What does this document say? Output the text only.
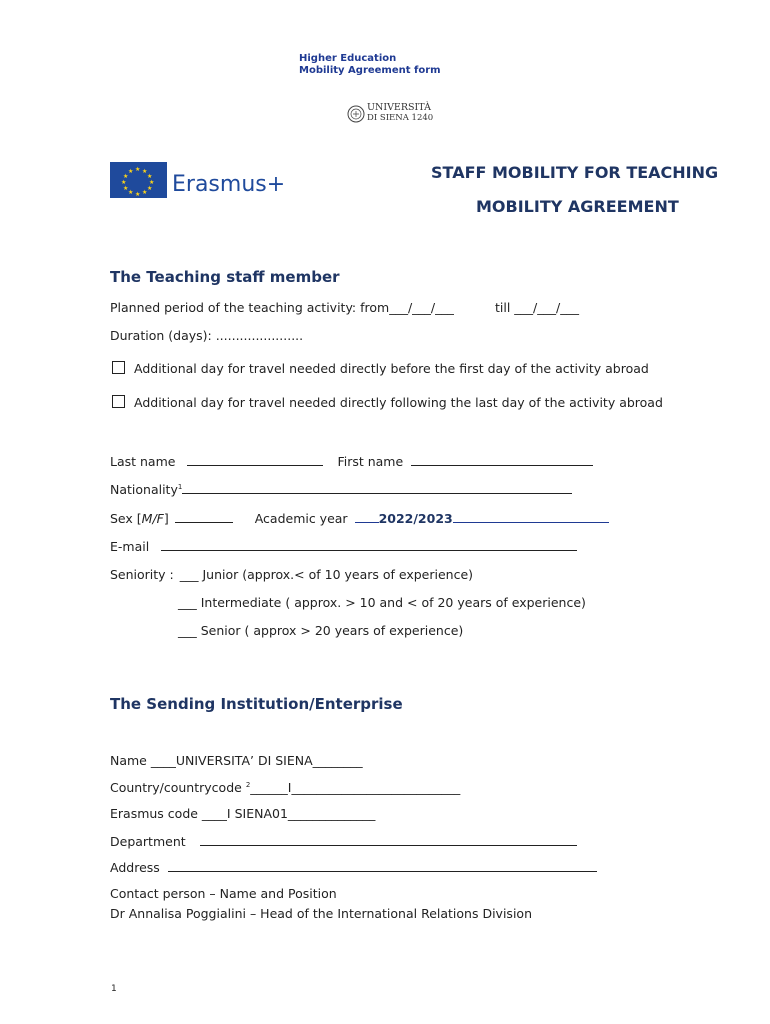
Higher Education
Mobility Agreement form
UNIVERSITÀ
DI SIENA 1240
★ ★
★
★
★
★
★
★
★
★
★
★
Erasmus+	STAFF MOBILITY FOR TEACHING
MOBILITY AGREEMENT
The Teaching staff member
Planned period of the teaching activity: from___/___/___	till ___/___/___
Duration (days): ......................
Additional day for travel needed directly before the first day of the activity abroad
Additional day for travel needed directly following the last day of the activity abroad
Last name	First name
Nationality$^1$
Sex [M/F]	Academic year 2022/2023
E-mail
Seniority : ___ Junior (approx.< of 10 years of experience)
___ Intermediate ( approx. > 10 and < of 20 years of experience)
___ Senior ( approx > 20 years of experience)
The Sending Institution/Enterprise
Name ____UNIVERSITA’ DI SIENA________
Country/countrycode $^2$______I___________________________
Erasmus code ____I SIENA01______________
Department
Address
Contact person – Name and Position
Dr Annalisa Poggialini – Head of the International Relations Division
1
